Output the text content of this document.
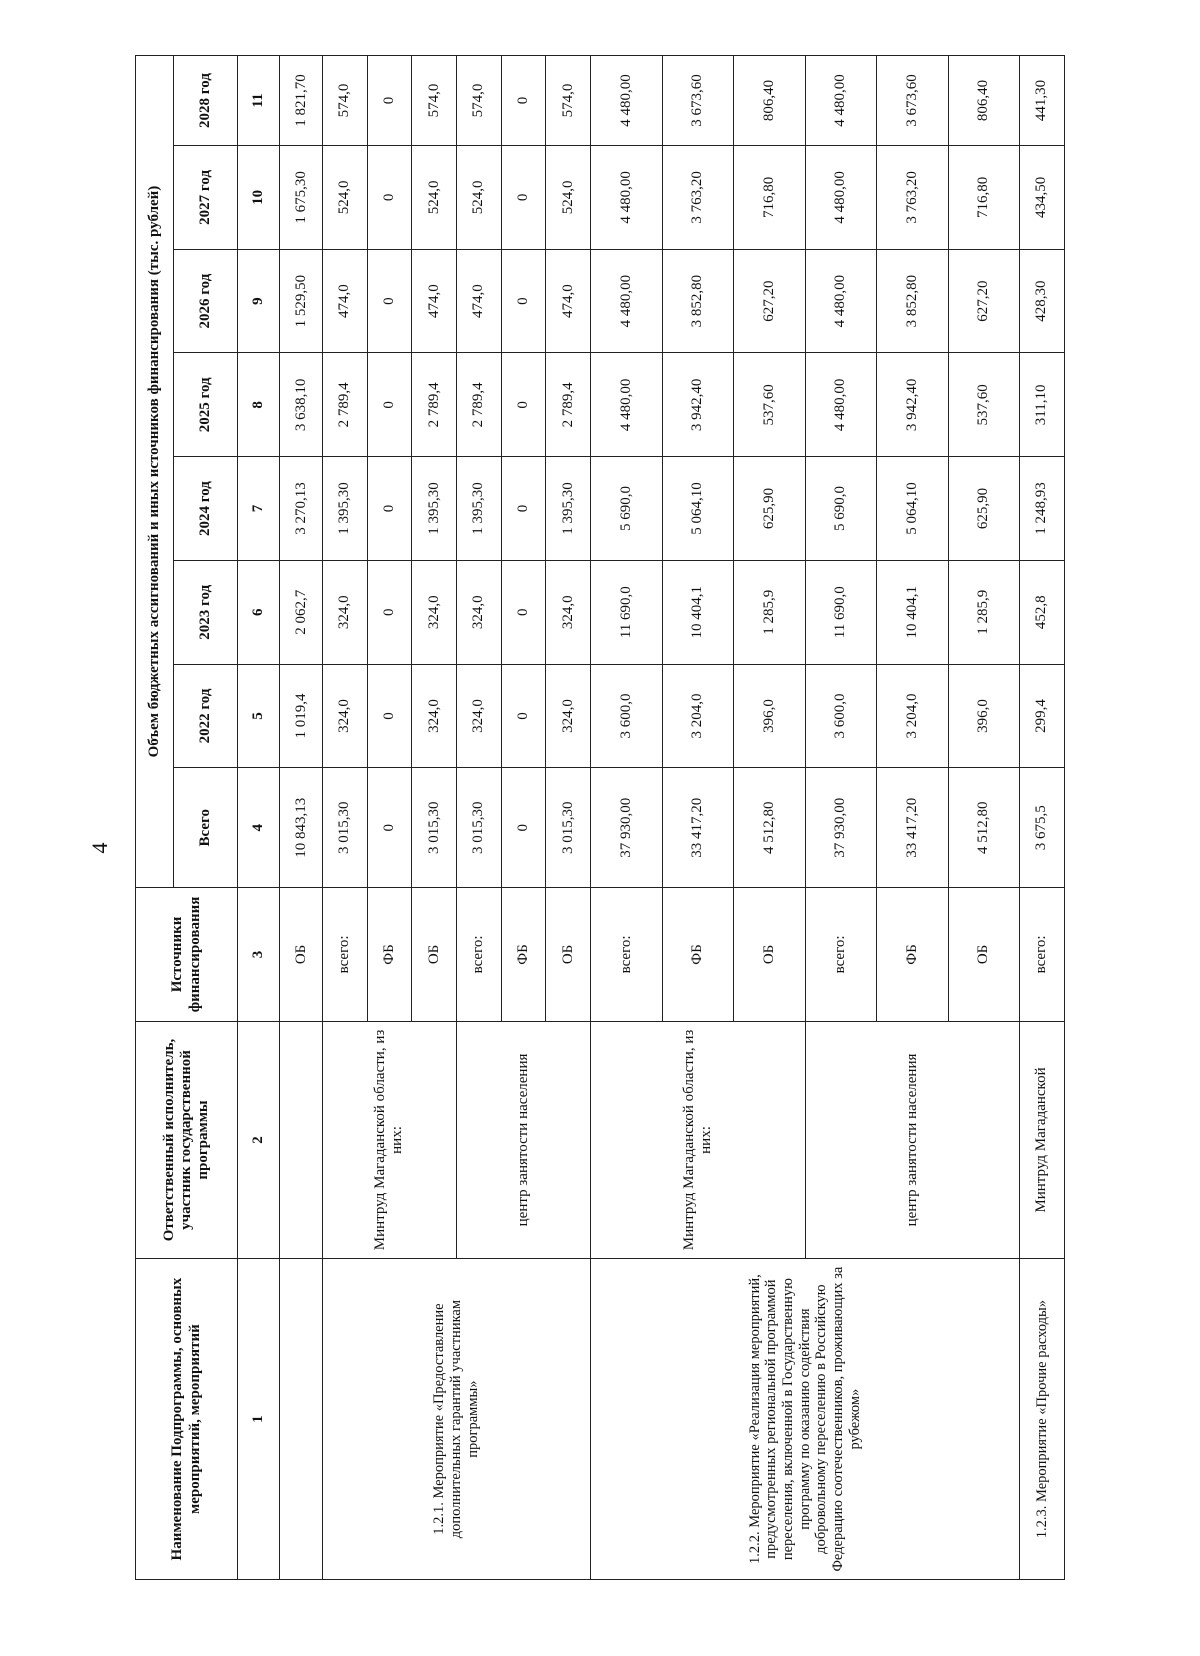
4
Наименование Подпрограммы, основных мероприятий, мероприятий	Ответственный исполнитель, участник государственной программы	Источники финансирования	Объем бюджетных ассигнований и иных источников финансирования (тыс. рублей)							
			Всего	2022 год	2023 год	2024 год	2025 год	2026 год	2027 год	2028 год
1	2	3	4	5	6	7	8	9	10	11
		ОБ	10 843,13	1 019,4	2 062,7	3 270,13	3 638,10	1 529,50	1 675,30	1 821,70
1.2.1. Мероприятие «Предоставление дополнительных гарантий участникам программы»	Минтруд Магаданской области, из них:	всего:	3 015,30	324,0	324,0	1 395,30	2 789,4	474,0	524,0	574,0
		ФБ	0	0	0	0	0	0	0	0
		ОБ	3 015,30	324,0	324,0	1 395,30	2 789,4	474,0	524,0	574,0
	центр занятости населения	всего:	3 015,30	324,0	324,0	1 395,30	2 789,4	474,0	524,0	574,0
		ФБ	0	0	0	0	0	0	0	0
		ОБ	3 015,30	324,0	324,0	1 395,30	2 789,4	474,0	524,0	574,0
1.2.2. Мероприятие «Реализация мероприятий, предусмотренных региональной программой переселения, включенной в Государственную программу по оказанию содействия добровольному переселению в Российскую Федерацию соотечественников, проживающих за рубежом»	Минтруд Магаданской области, из них:	всего:	37 930,00	3 600,0	11 690,0	5 690,0	4 480,00	4 480,00	4 480,00	4 480,00
		ФБ	33 417,20	3 204,0	10 404,1	5 064,10	3 942,40	3 852,80	3 763,20	3 673,60
		ОБ	4 512,80	396,0	1 285,9	625,90	537,60	627,20	716,80	806,40
	центр занятости населения	всего:	37 930,00	3 600,0	11 690,0	5 690,0	4 480,00	4 480,00	4 480,00	4 480,00
		ФБ	33 417,20	3 204,0	10 404,1	5 064,10	3 942,40	3 852,80	3 763,20	3 673,60
		ОБ	4 512,80	396,0	1 285,9	625,90	537,60	627,20	716,80	806,40
1.2.3. Мероприятие «Прочие расходы»	Минтруд Магаданской	всего:	3 675,5	299,4	452,8	1 248,93	311,10	428,30	434,50	441,30
